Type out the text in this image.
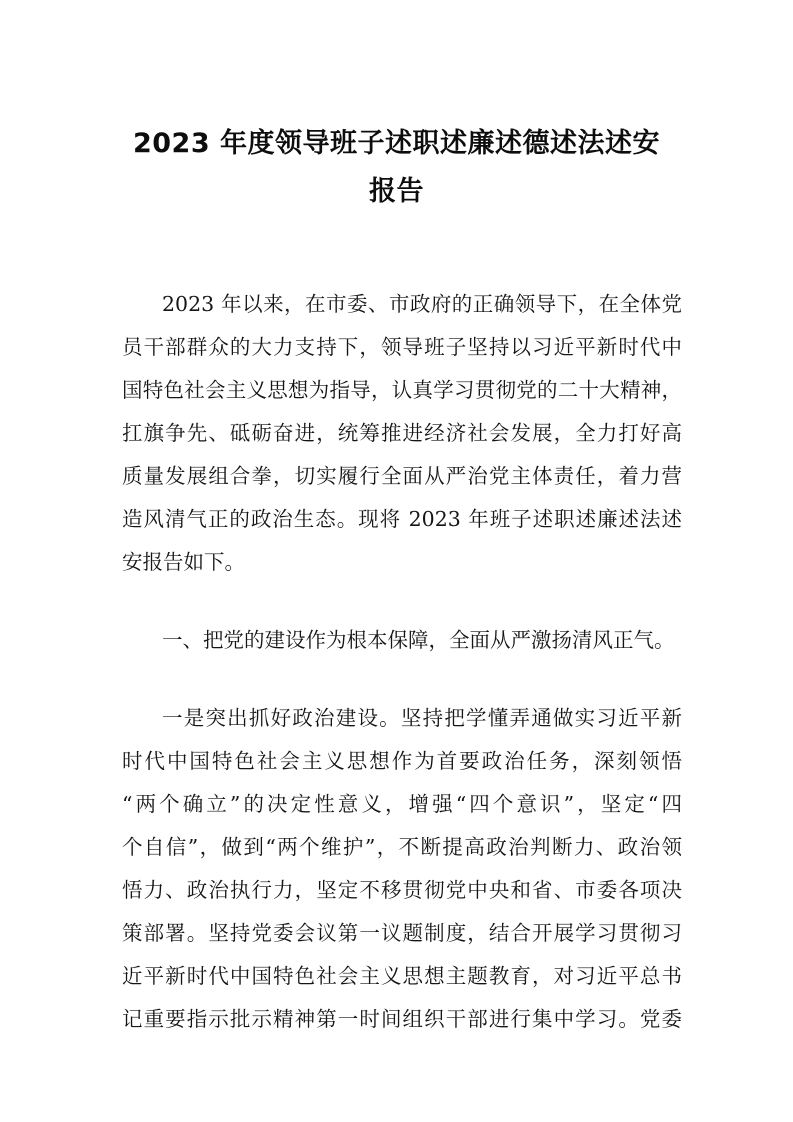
2023 年度领导班子述职述廉述德述法述安
报告
2023 年以来，在市委、市政府的正确领导下，在全体党
员干部群众的大力支持下，领导班子坚持以习近平新时代中
国特色社会主义思想为指导，认真学习贯彻党的二十大精神，
扛旗争先、砥砺奋进，统筹推进经济社会发展，全力打好高
质量发展组合拳，切实履行全面从严治党主体责任，着力营
造风清气正的政治生态。现将 2023 年班子述职述廉述法述
安报告如下。
一、把党的建设作为根本保障，全面从严激扬清风正气。
一是突出抓好政治建设。坚持把学懂弄通做实习近平新
时代中国特色社会主义思想作为首要政治任务，深刻领悟
“两个确立”的决定性意义，增强“四个意识”，坚定“四
个自信”，做到“两个维护”，不断提高政治判断力、政治领
悟力、政治执行力，坚定不移贯彻党中央和省、市委各项决
策部署。坚持党委会议第一议题制度，结合开展学习贯彻习
近平新时代中国特色社会主义思想主题教育，对习近平总书
记重要指示批示精神第一时间组织干部进行集中学习。党委
